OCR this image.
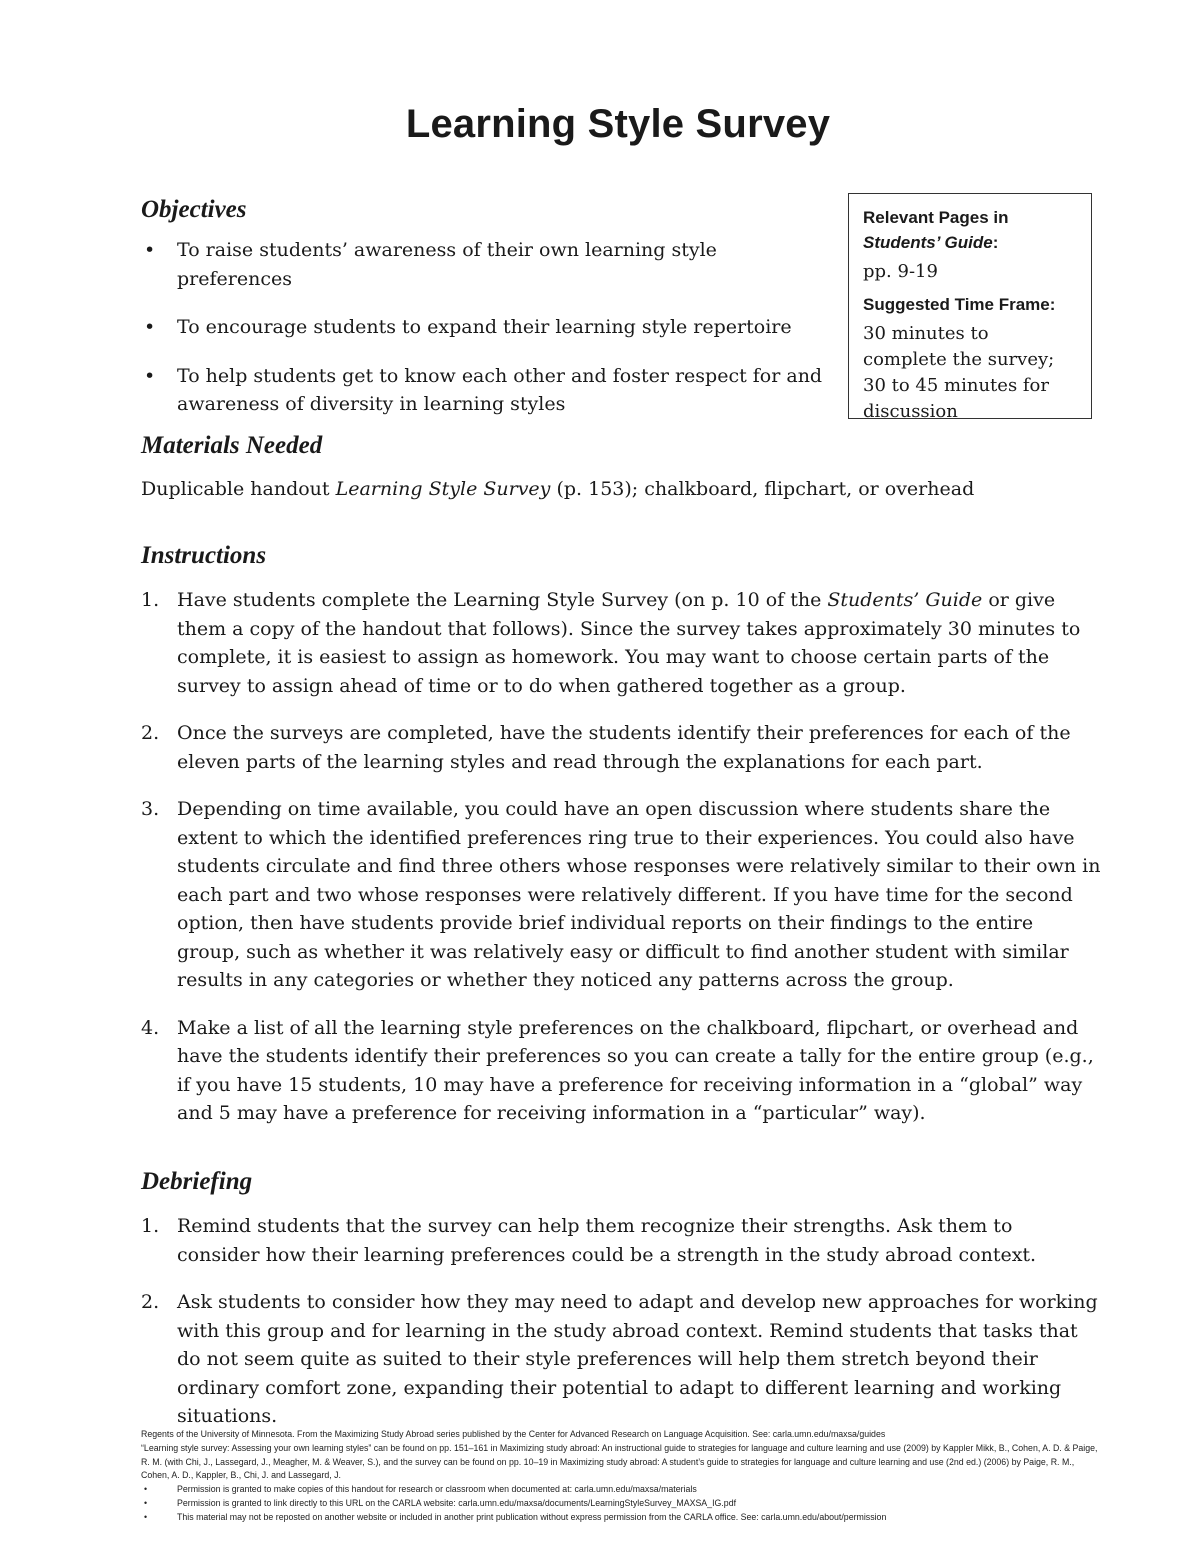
Learning Style Survey
Objectives
• To raise students’ awareness of their own learning style preferences
• To encourage students to expand their learning style repertoire
• To help students get to know each other and foster respect for and awareness of diversity in learning styles
Relevant Pages in
Students’ Guide:
pp. 9-19
Suggested Time Frame:
30 minutes to complete the survey; 30 to 45 minutes for discussion
Materials Needed
Duplicable handout Learning Style Survey (p. 153); chalkboard, flipchart, or overhead
Instructions
1. Have students complete the Learning Style Survey (on p. 10 of the Students’ Guide or give them a copy of the handout that follows). Since the survey takes approximately 30 minutes to complete, it is easiest to assign as homework. You may want to choose certain parts of the survey to assign ahead of time or to do when gathered together as a group.
2. Once the surveys are completed, have the students identify their preferences for each of the eleven parts of the learning styles and read through the explanations for each part.
3. Depending on time available, you could have an open discussion where students share the extent to which the identified preferences ring true to their experiences. You could also have students circulate and find three others whose responses were relatively similar to their own in each part and two whose responses were relatively different. If you have time for the second option, then have students provide brief individual reports on their findings to the entire group, such as whether it was relatively easy or difficult to find another student with similar results in any categories or whether they noticed any patterns across the group.
4. Make a list of all the learning style preferences on the chalkboard, flipchart, or overhead and have the students identify their preferences so you can create a tally for the entire group (e.g., if you have 15 students, 10 may have a preference for receiving information in a “global” way and 5 may have a preference for receiving information in a “particular” way).
Debriefing
1. Remind students that the survey can help them recognize their strengths. Ask them to consider how their learning preferences could be a strength in the study abroad context.
2. Ask students to consider how they may need to adapt and develop new approaches for working with this group and for learning in the study abroad context. Remind students that tasks that do not seem quite as suited to their style preferences will help them stretch beyond their ordinary comfort zone, expanding their potential to adapt to different learning and working situations.
Regents of the University of Minnesota. From the Maximizing Study Abroad series published by the Center for Advanced Research on Language Acquisition. See: carla.umn.edu/maxsa/guides
“Learning style survey: Assessing your own learning styles” can be found on pp. 151–161 in Maximizing study abroad: An instructional guide to strategies for language and culture learning and use (2009) by Kappler Mikk, B., Cohen, A. D. & Paige, R. M. (with Chi, J., Lassegard, J., Meagher, M. & Weaver, S.), and the survey can be found on pp. 10–19 in Maximizing study abroad: A student’s guide to strategies for language and culture learning and use (2nd ed.) (2006) by Paige, R. M., Cohen, A. D., Kappler, B., Chi, J. and Lassegard, J.
•	Permission is granted to make copies of this handout for research or classroom when documented at: carla.umn.edu/maxsa/materials
•	Permission is granted to link directly to this URL on the CARLA website: carla.umn.edu/maxsa/documents/LearningStyleSurvey_MAXSA_IG.pdf
•	This material may not be reposted on another website or included in another print publication without express permission from the CARLA office. See: carla.umn.edu/about/permission
